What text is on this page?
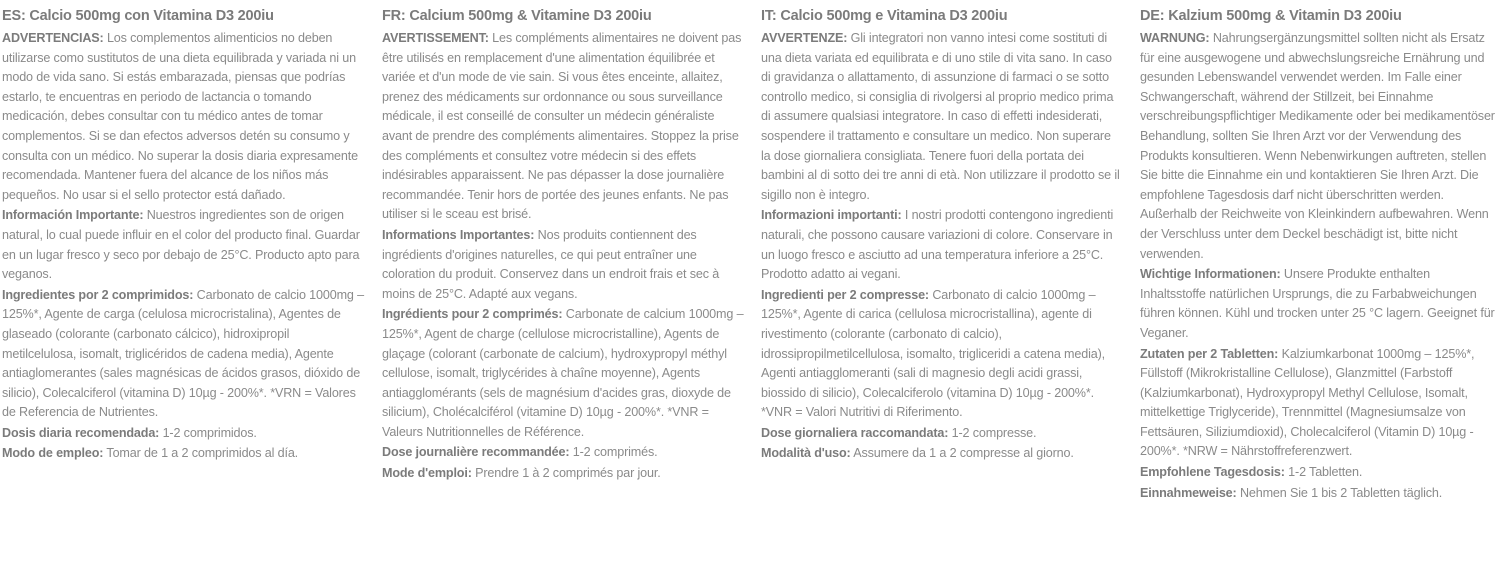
ES: Calcio 500mg con Vitamina D3 200iu
ADVERTENCIAS: Los complementos alimenticios no deben utilizarse como sustitutos de una dieta equilibrada y variada ni un modo de vida sano. Si estás embarazada, piensas que podrías estarlo, te encuentras en periodo de lactancia o tomando medicación, debes consultar con tu médico antes de tomar complementos. Si se dan efectos adversos detén su consumo y consulta con un médico. No superar la dosis diaria expresamente recomendada. Mantener fuera del alcance de los niños más pequeños. No usar si el sello protector está dañado.
Información Importante: Nuestros ingredientes son de origen natural, lo cual puede influir en el color del producto final. Guardar en un lugar fresco y seco por debajo de 25°C. Producto apto para veganos.
Ingredientes por 2 comprimidos: Carbonato de calcio 1000mg – 125%*, Agente de carga (celulosa microcristalina), Agentes de glaseado (colorante (carbonato cálcico), hidroxipropil metilcelulosa, isomalt, triglicéridos de cadena media), Agente antiaglomerantes (sales magnésicas de ácidos grasos, dióxido de silicio), Colecalciferol (vitamina D) 10µg - 200%*. *VRN = Valores de Referencia de Nutrientes.
Dosis diaria recomendada: 1-2 comprimidos.
Modo de empleo: Tomar de 1 a 2 comprimidos al día.
FR: Calcium 500mg & Vitamine D3 200iu
AVERTISSEMENT: Les compléments alimentaires ne doivent pas être utilisés en remplacement d'une alimentation équilibrée et variée et d'un mode de vie sain. Si vous êtes enceinte, allaitez, prenez des médicaments sur ordonnance ou sous surveillance médicale, il est conseillé de consulter un médecin généraliste avant de prendre des compléments alimentaires. Stoppez la prise des compléments et consultez votre médecin si des effets indésirables apparaissent. Ne pas dépasser la dose journalière recommandée. Tenir hors de portée des jeunes enfants. Ne pas utiliser si le sceau est brisé.
Informations Importantes: Nos produits contiennent des ingrédients d'origines naturelles, ce qui peut entraîner une coloration du produit. Conservez dans un endroit frais et sec à moins de 25°C. Adapté aux vegans.
Ingrédients pour 2 comprimés: Carbonate de calcium 1000mg – 125%*, Agent de charge (cellulose microcristalline), Agents de glaçage (colorant (carbonate de calcium), hydroxypropyl méthyl cellulose, isomalt, triglycérides à chaîne moyenne), Agents antiagglomérants (sels de magnésium d'acides gras, dioxyde de silicium), Cholécalciférol (vitamine D) 10µg - 200%*. *VNR = Valeurs Nutritionnelles de Référence.
Dose journalière recommandée: 1-2 comprimés.
Mode d'emploi: Prendre 1 à 2 comprimés par jour.
IT: Calcio 500mg e Vitamina D3 200iu
AVVERTENZE: Gli integratori non vanno intesi come sostituti di una dieta variata ed equilibrata e di uno stile di vita sano. In caso di gravidanza o allattamento, di assunzione di farmaci o se sotto controllo medico, si consiglia di rivolgersi al proprio medico prima di assumere qualsiasi integratore. In caso di effetti indesiderati, sospendere il trattamento e consultare un medico. Non superare la dose giornaliera consigliata. Tenere fuori della portata dei bambini al di sotto dei tre anni di età. Non utilizzare il prodotto se il sigillo non è integro.
Informazioni importanti: I nostri prodotti contengono ingredienti naturali, che possono causare variazioni di colore. Conservare in un luogo fresco e asciutto ad una temperatura inferiore a 25°C. Prodotto adatto ai vegani.
Ingredienti per 2 compresse: Carbonato di calcio 1000mg – 125%*, Agente di carica (cellulosa microcristallina), agente di rivestimento (colorante (carbonato di calcio), idrossipropilmetilcellulosa, isomalto, trigliceridi a catena media), Agenti antiagglomeranti (sali di magnesio degli acidi grassi, biossido di silicio), Colecalciferolo (vitamina D) 10µg - 200%*. *VNR = Valori Nutritivi di Riferimento.
Dose giornaliera raccomandata: 1-2 compresse.
Modalità d'uso: Assumere da 1 a 2 compresse al giorno.
DE: Kalzium 500mg & Vitamin D3 200iu
WARNUNG: Nahrungsergänzungsmittel sollten nicht als Ersatz für eine ausgewogene und abwechslungsreiche Ernährung und gesunden Lebenswandel verwendet werden. Im Falle einer Schwangerschaft, während der Stillzeit, bei Einnahme verschreibungspflichtiger Medikamente oder bei medikamentöser Behandlung, sollten Sie Ihren Arzt vor der Verwendung des Produkts konsultieren. Wenn Nebenwirkungen auftreten, stellen Sie bitte die Einnahme ein und kontaktieren Sie Ihren Arzt. Die empfohlene Tagesdosis darf nicht überschritten werden. Außerhalb der Reichweite von Kleinkindern aufbewahren. Wenn der Verschluss unter dem Deckel beschädigt ist, bitte nicht verwenden.
Wichtige Informationen: Unsere Produkte enthalten Inhaltsstoffe natürlichen Ursprungs, die zu Farbabweichungen führen können. Kühl und trocken unter 25 °C lagern. Geeignet für Veganer.
Zutaten per 2 Tabletten: Kalziumkarbonat 1000mg – 125%*, Füllstoff (Mikrokristalline Cellulose), Glanzmittel (Farbstoff (Kalziumkarbonat), Hydroxypropyl Methyl Cellulose, Isomalt, mittelkettige Triglyceride), Trennmittel (Magnesiumsalze von Fettsäuren, Siliziumdioxid), Cholecalciferol (Vitamin D) 10µg - 200%*. *NRW = Nährstoffreferenzwert.
Empfohlene Tagesdosis: 1-2 Tabletten.
Einnahmeweise: Nehmen Sie 1 bis 2 Tabletten täglich.
